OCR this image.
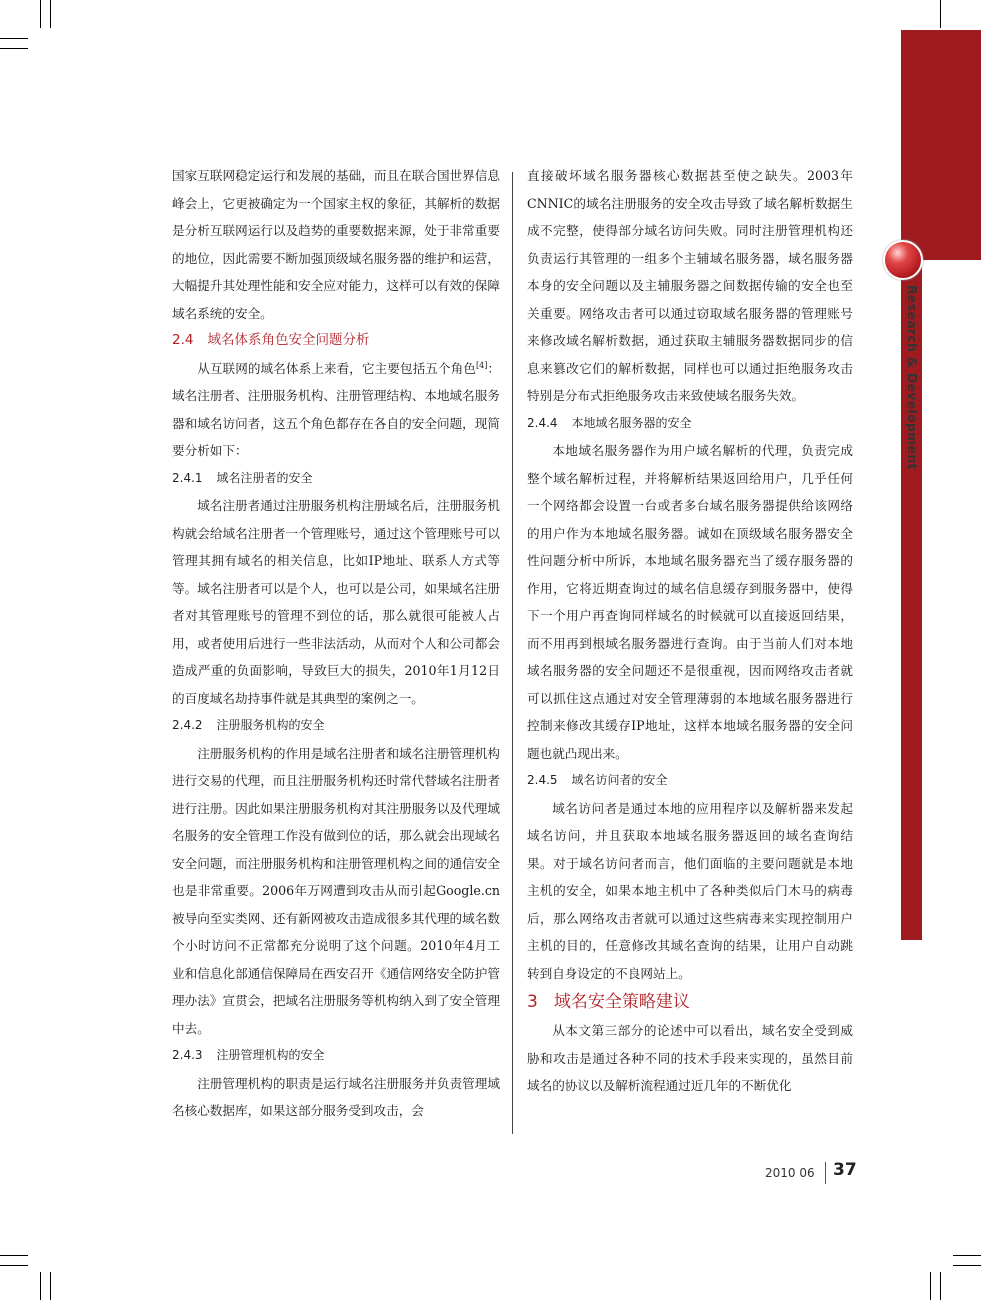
Research & Development

国家互联网稳定运行和发展的基础，而且在联合国世界信息峰会上，它更被确定为一个国家主权的象征，其解析的数据是分析互联网运行以及趋势的重要数据来源，处于非常重要的地位，因此需要不断加强顶级域名服务器的维护和运营，大幅提升其处理性能和安全应对能力，这样可以有效的保障域名系统的安全。

2.4 域名体系角色安全问题分析

从互联网的域名体系上来看，它主要包括五个角色[4]：域名注册者、注册服务机构、注册管理结构、本地域名服务器和域名访问者，这五个角色都存在各自的安全问题，现简要分析如下：

2.4.1 域名注册者的安全

域名注册者通过注册服务机构注册域名后，注册服务机构就会给域名注册者一个管理账号，通过这个管理账号可以管理其拥有域名的相关信息，比如IP地址、联系人方式等等。域名注册者可以是个人，也可以是公司，如果域名注册者对其管理账号的管理不到位的话，那么就很可能被人占用，或者使用后进行一些非法活动，从而对个人和公司都会造成严重的负面影响，导致巨大的损失，2010年1月12日的百度域名劫持事件就是其典型的案例之一。

2.4.2 注册服务机构的安全

注册服务机构的作用是域名注册者和域名注册管理机构进行交易的代理，而且注册服务机构还时常代替域名注册者进行注册。因此如果注册服务机构对其注册服务以及代理域名服务的安全管理工作没有做到位的话，那么就会出现域名安全问题，而注册服务机构和注册管理机构之间的通信安全也是非常重要。2006年万网遭到攻击从而引起Google.cn被导向至实类网、还有新网被攻击造成很多其代理的域名数个小时访问不正常都充分说明了这个问题。2010年4月工业和信息化部通信保障局在西安召开《通信网络安全防护管理办法》宣贯会，把域名注册服务等机构纳入到了安全管理中去。

2.4.3 注册管理机构的安全

注册管理机构的职责是运行域名注册服务并负责管理域名核心数据库，如果这部分服务受到攻击，会

直接破坏域名服务器核心数据甚至使之缺失。2003年CNNIC的域名注册服务的安全攻击导致了域名解析数据生成不完整，使得部分域名访问失败。同时注册管理机构还负责运行其管理的一组多个主辅域名服务器，域名服务器本身的安全问题以及主辅服务器之间数据传输的安全也至关重要。网络攻击者可以通过窃取域名服务器的管理账号来修改域名解析数据，通过获取主辅服务器数据同步的信息来篡改它们的解析数据，同样也可以通过拒绝服务攻击特别是分布式拒绝服务攻击来致使域名服务失效。

2.4.4 本地域名服务器的安全

本地域名服务器作为用户域名解析的代理，负责完成整个域名解析过程，并将解析结果返回给用户，几乎任何一个网络都会设置一台或者多台域名服务器提供给该网络的用户作为本地域名服务器。诚如在顶级域名服务器安全性问题分析中所诉，本地域名服务器充当了缓存服务器的作用，它将近期查询过的域名信息缓存到服务器中，使得下一个用户再查询同样域名的时候就可以直接返回结果，而不用再到根域名服务器进行查询。由于当前人们对本地域名服务器的安全问题还不是很重视，因而网络攻击者就可以抓住这点通过对安全管理薄弱的本地域名服务器进行控制来修改其缓存IP地址，这样本地域名服务器的安全问题也就凸现出来。

2.4.5 域名访问者的安全

域名访问者是通过本地的应用程序以及解析器来发起域名访问，并且获取本地域名服务器返回的域名查询结果。对于域名访问者而言，他们面临的主要问题就是本地主机的安全，如果本地主机中了各种类似后门木马的病毒后，那么网络攻击者就可以通过这些病毒来实现控制用户主机的目的，任意修改其域名查询的结果，让用户自动跳转到自身设定的不良网站上。

3 域名安全策略建议

从本文第三部分的论述中可以看出，域名安全受到威胁和攻击是通过各种不同的技术手段来实现的，虽然目前域名的协议以及解析流程通过近几年的不断优化

2010 06 37
